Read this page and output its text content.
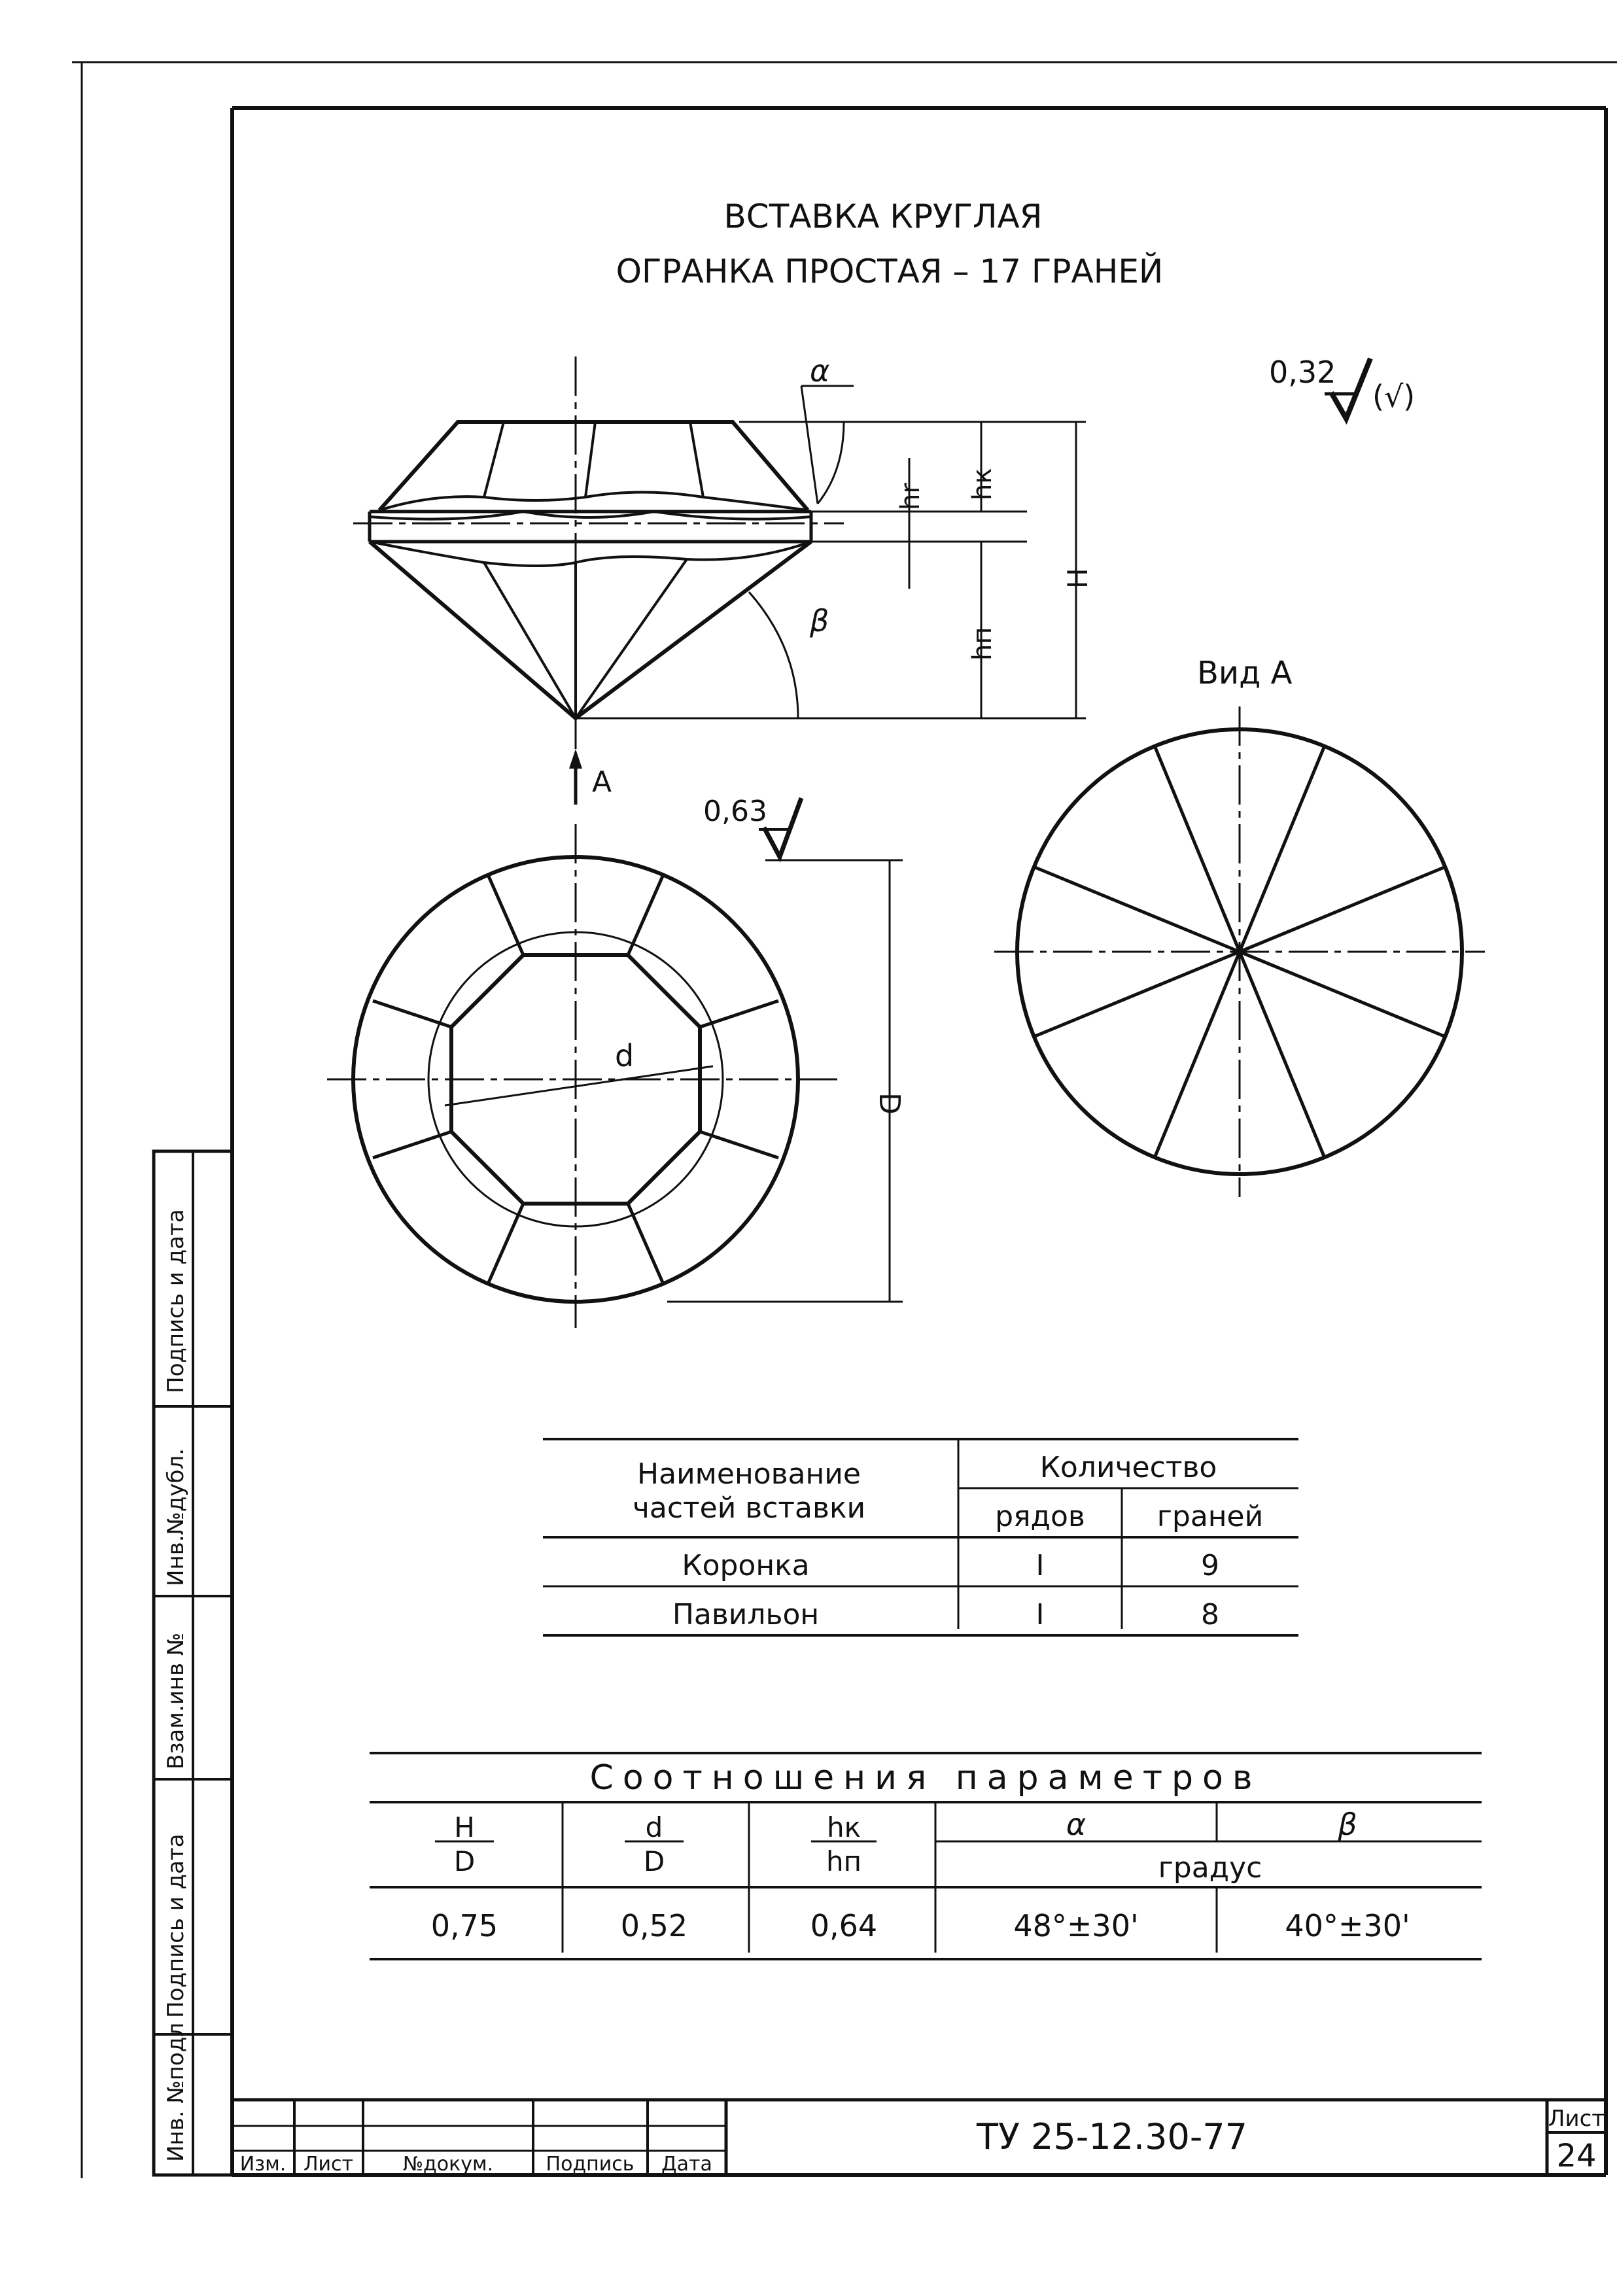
Инв. №подл
Подпись и дата
Взам.инв №
Инв.№дубл.
Подпись и дата
ВСТАВКА КРУГЛАЯ
ОГРАНКА ПРОСТАЯ – 17 ГРАНЕЙ
0,32
(√)
α
β
hr hк
hп
H
A
0,63
d
D
Вид А
Наименование
частей вставки
Количество
рядов граней
Коронка	I	9
Павильон	I	8
Соотношения параметров
H
D
d
D
hк
hп
α	β
градус
0,75	0,52	0,64	48°±30'	40°±30'
Изм. Лист	№докум.	Подпись Дата
ТУ 25-12.30-77	Лист
24
